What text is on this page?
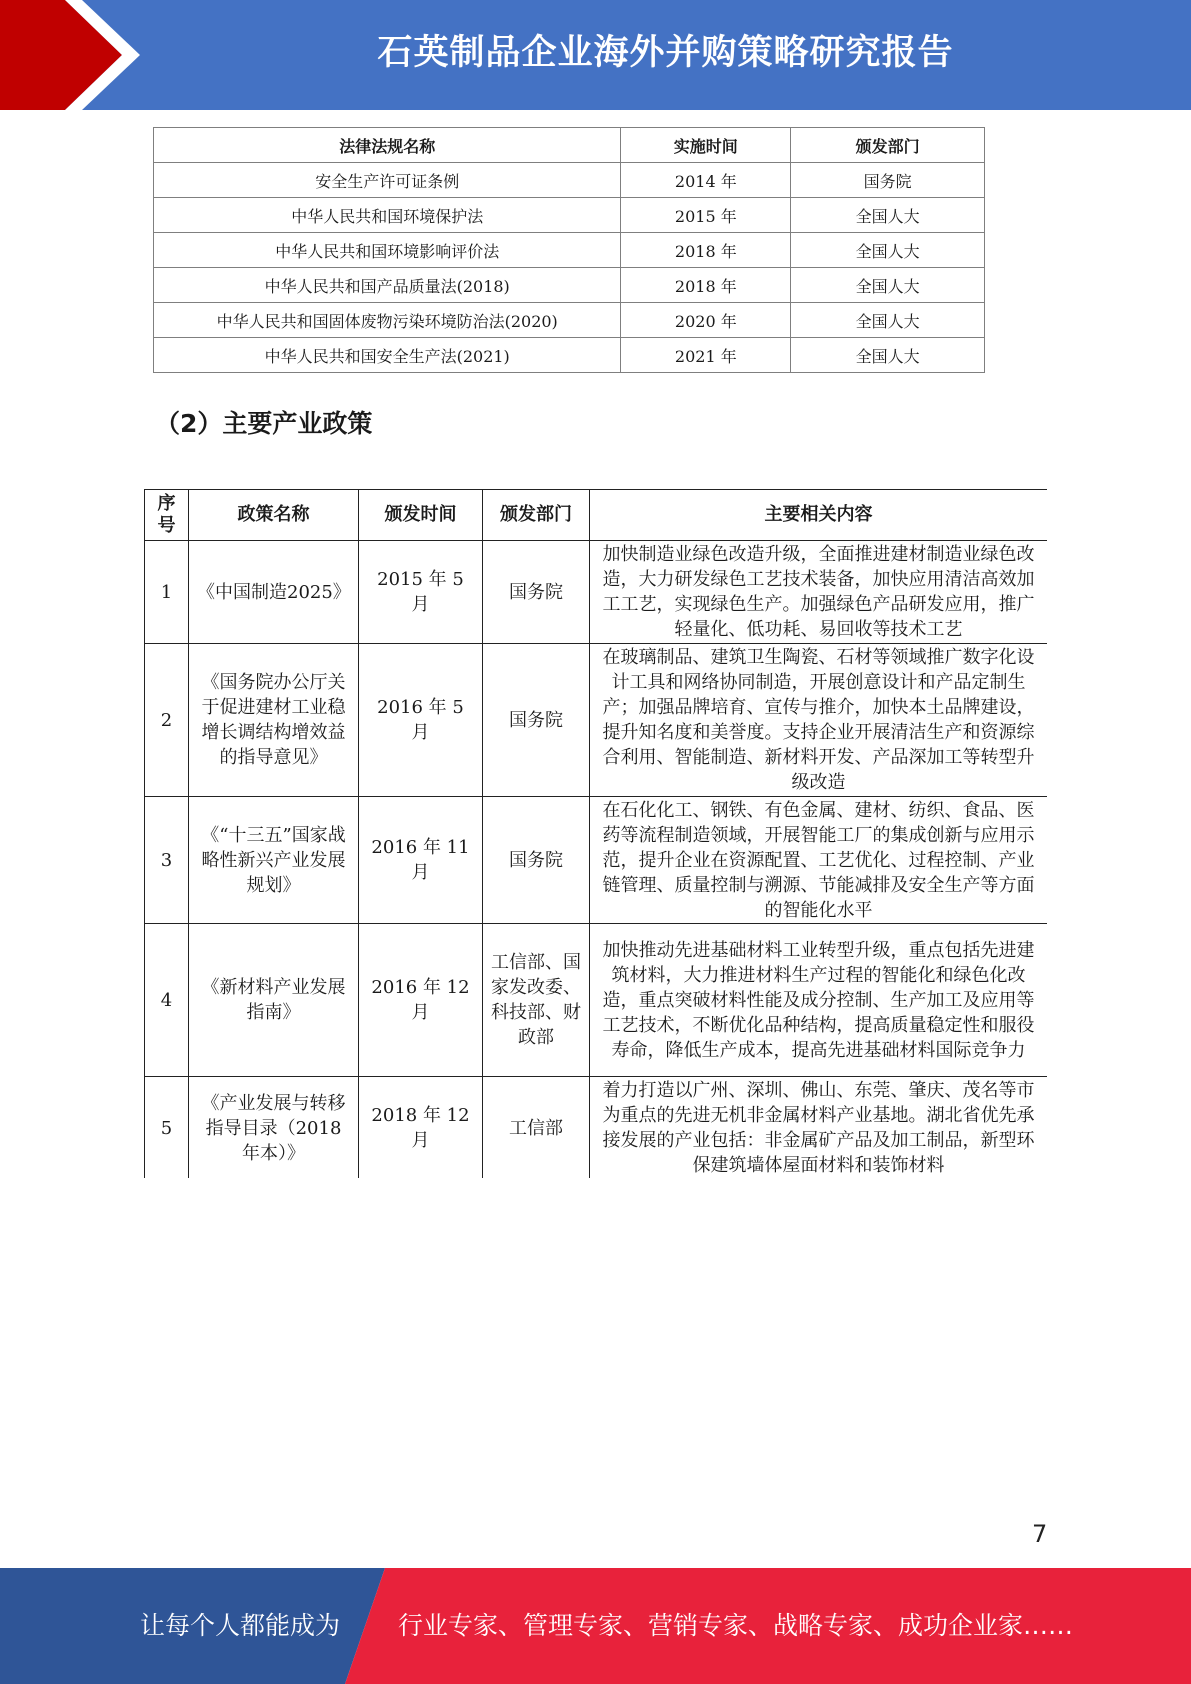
石英制品企业海外并购策略研究报告
法律法规名称	实施时间	颁发部门
安全生产许可证条例	2014 年	国务院
中华人民共和国环境保护法	2015 年	全国人大
中华人民共和国环境影响评价法	2018 年	全国人大
中华人民共和国产品质量法(2018)	2018 年	全国人大
中华人民共和国固体废物污染环境防治法(2020)	2020 年	全国人大
中华人民共和国安全生产法(2021)	2021 年	全国人大
（2）主要产业政策
序号	政策名称	颁发时间	颁发部门	主要相关内容
1	《中国制造2025》	2015 年 5 月	国务院	加快制造业绿色改造升级，全面推进建材制造业绿色改造，大力研发绿色工艺技术装备，加快应用清洁高效加工工艺，实现绿色生产。加强绿色产品研发应用，推广轻量化、低功耗、易回收等技术工艺
2	《国务院办公厅关于促进建材工业稳增长调结构增效益的指导意见》	2016 年 5 月	国务院	在玻璃制品、建筑卫生陶瓷、石材等领域推广数字化设计工具和网络协同制造，开展创意设计和产品定制生产；加强品牌培育、宣传与推介，加快本土品牌建设，提升知名度和美誉度。支持企业开展清洁生产和资源综合利用、智能制造、新材料开发、产品深加工等转型升级改造
3	《“十三五”国家战略性新兴产业发展规划》	2016 年 11 月	国务院	在石化化工、钢铁、有色金属、建材、纺织、食品、医药等流程制造领域，开展智能工厂的集成创新与应用示范，提升企业在资源配置、工艺优化、过程控制、产业链管理、质量控制与溯源、节能减排及安全生产等方面的智能化水平
4	《新材料产业发展指南》	2016 年 12 月	工信部、国家发改委、科技部、财政部	加快推动先进基础材料工业转型升级，重点包括先进建筑材料，大力推进材料生产过程的智能化和绿色化改造，重点突破材料性能及成分控制、生产加工及应用等工艺技术，不断优化品种结构，提高质量稳定性和服役寿命，降低生产成本，提高先进基础材料国际竞争力
5	《产业发展与转移指导目录（2018 年本）》	2018 年 12 月	工信部	着力打造以广州、深圳、佛山、东莞、肇庆、茂名等市为重点的先进无机非金属材料产业基地。湖北省优先承接发展的产业包括：非金属矿产品及加工制品，新型环保建筑墙体屋面材料和装饰材料
7
让每个人都能成为 行业专家、管理专家、营销专家、战略专家、成功企业家……
